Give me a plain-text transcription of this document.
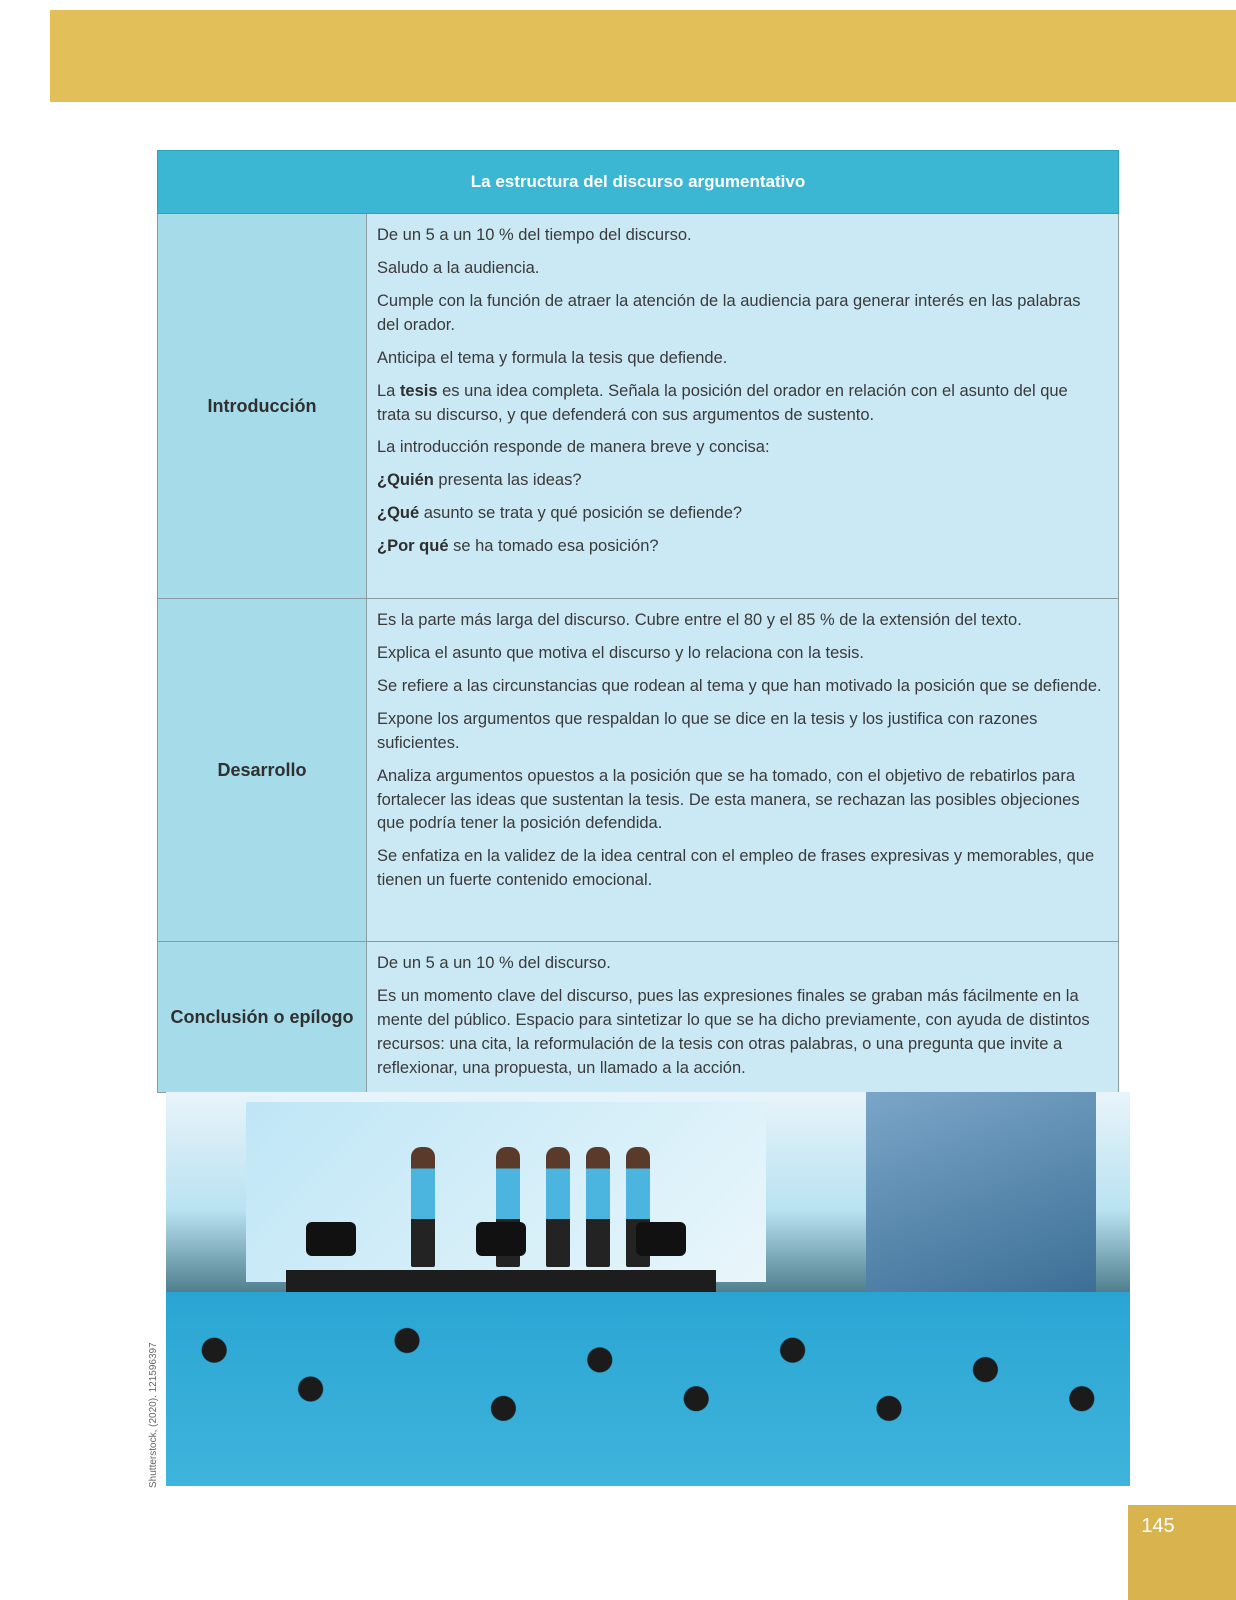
La estructura del discurso argumentativo
Introducción

De un 5 a un 10 % del tiempo del discurso.

Saludo a la audiencia.

Cumple con la función de atraer la atención de la audiencia para generar interés en las palabras del orador.

Anticipa el tema y formula la tesis que defiende.

La tesis es una idea completa. Señala la posición del orador en relación con el asunto del que trata su discurso, y que defenderá con sus argumentos de sustento.

La introducción responde de manera breve y concisa:

¿Quién presenta las ideas?

¿Qué asunto se trata y qué posición se defiende?

¿Por qué se ha tomado esa posición?

Desarrollo

Es la parte más larga del discurso. Cubre entre el 80 y el 85 % de la extensión del texto.

Explica el asunto que motiva el discurso y lo relaciona con la tesis.

Se refiere a las circunstancias que rodean al tema y que han motivado la posición que se defiende.

Expone los argumentos que respaldan lo que se dice en la tesis y los justifica con razones suficientes.

Analiza argumentos opuestos a la posición que se ha tomado, con el objetivo de rebatirlos para fortalecer las ideas que sustentan la tesis. De esta manera, se rechazan las posibles objeciones que podría tener la posición defendida.

Se enfatiza en la validez de la idea central con el empleo de frases expresivas y memorables, que tienen un fuerte contenido emocional.

Conclusión o epílogo

De un 5 a un 10 % del discurso.

Es un momento clave del discurso, pues las expresiones finales se graban más fácilmente en la mente del público. Espacio para sintetizar lo que se ha dicho previamente, con ayuda de distintos recursos: una cita, la reformulación de la tesis con otras palabras, o una pregunta que invite a reflexionar, una propuesta, un llamado a la acción.

Shutterstock, (2020). 121596397
145
